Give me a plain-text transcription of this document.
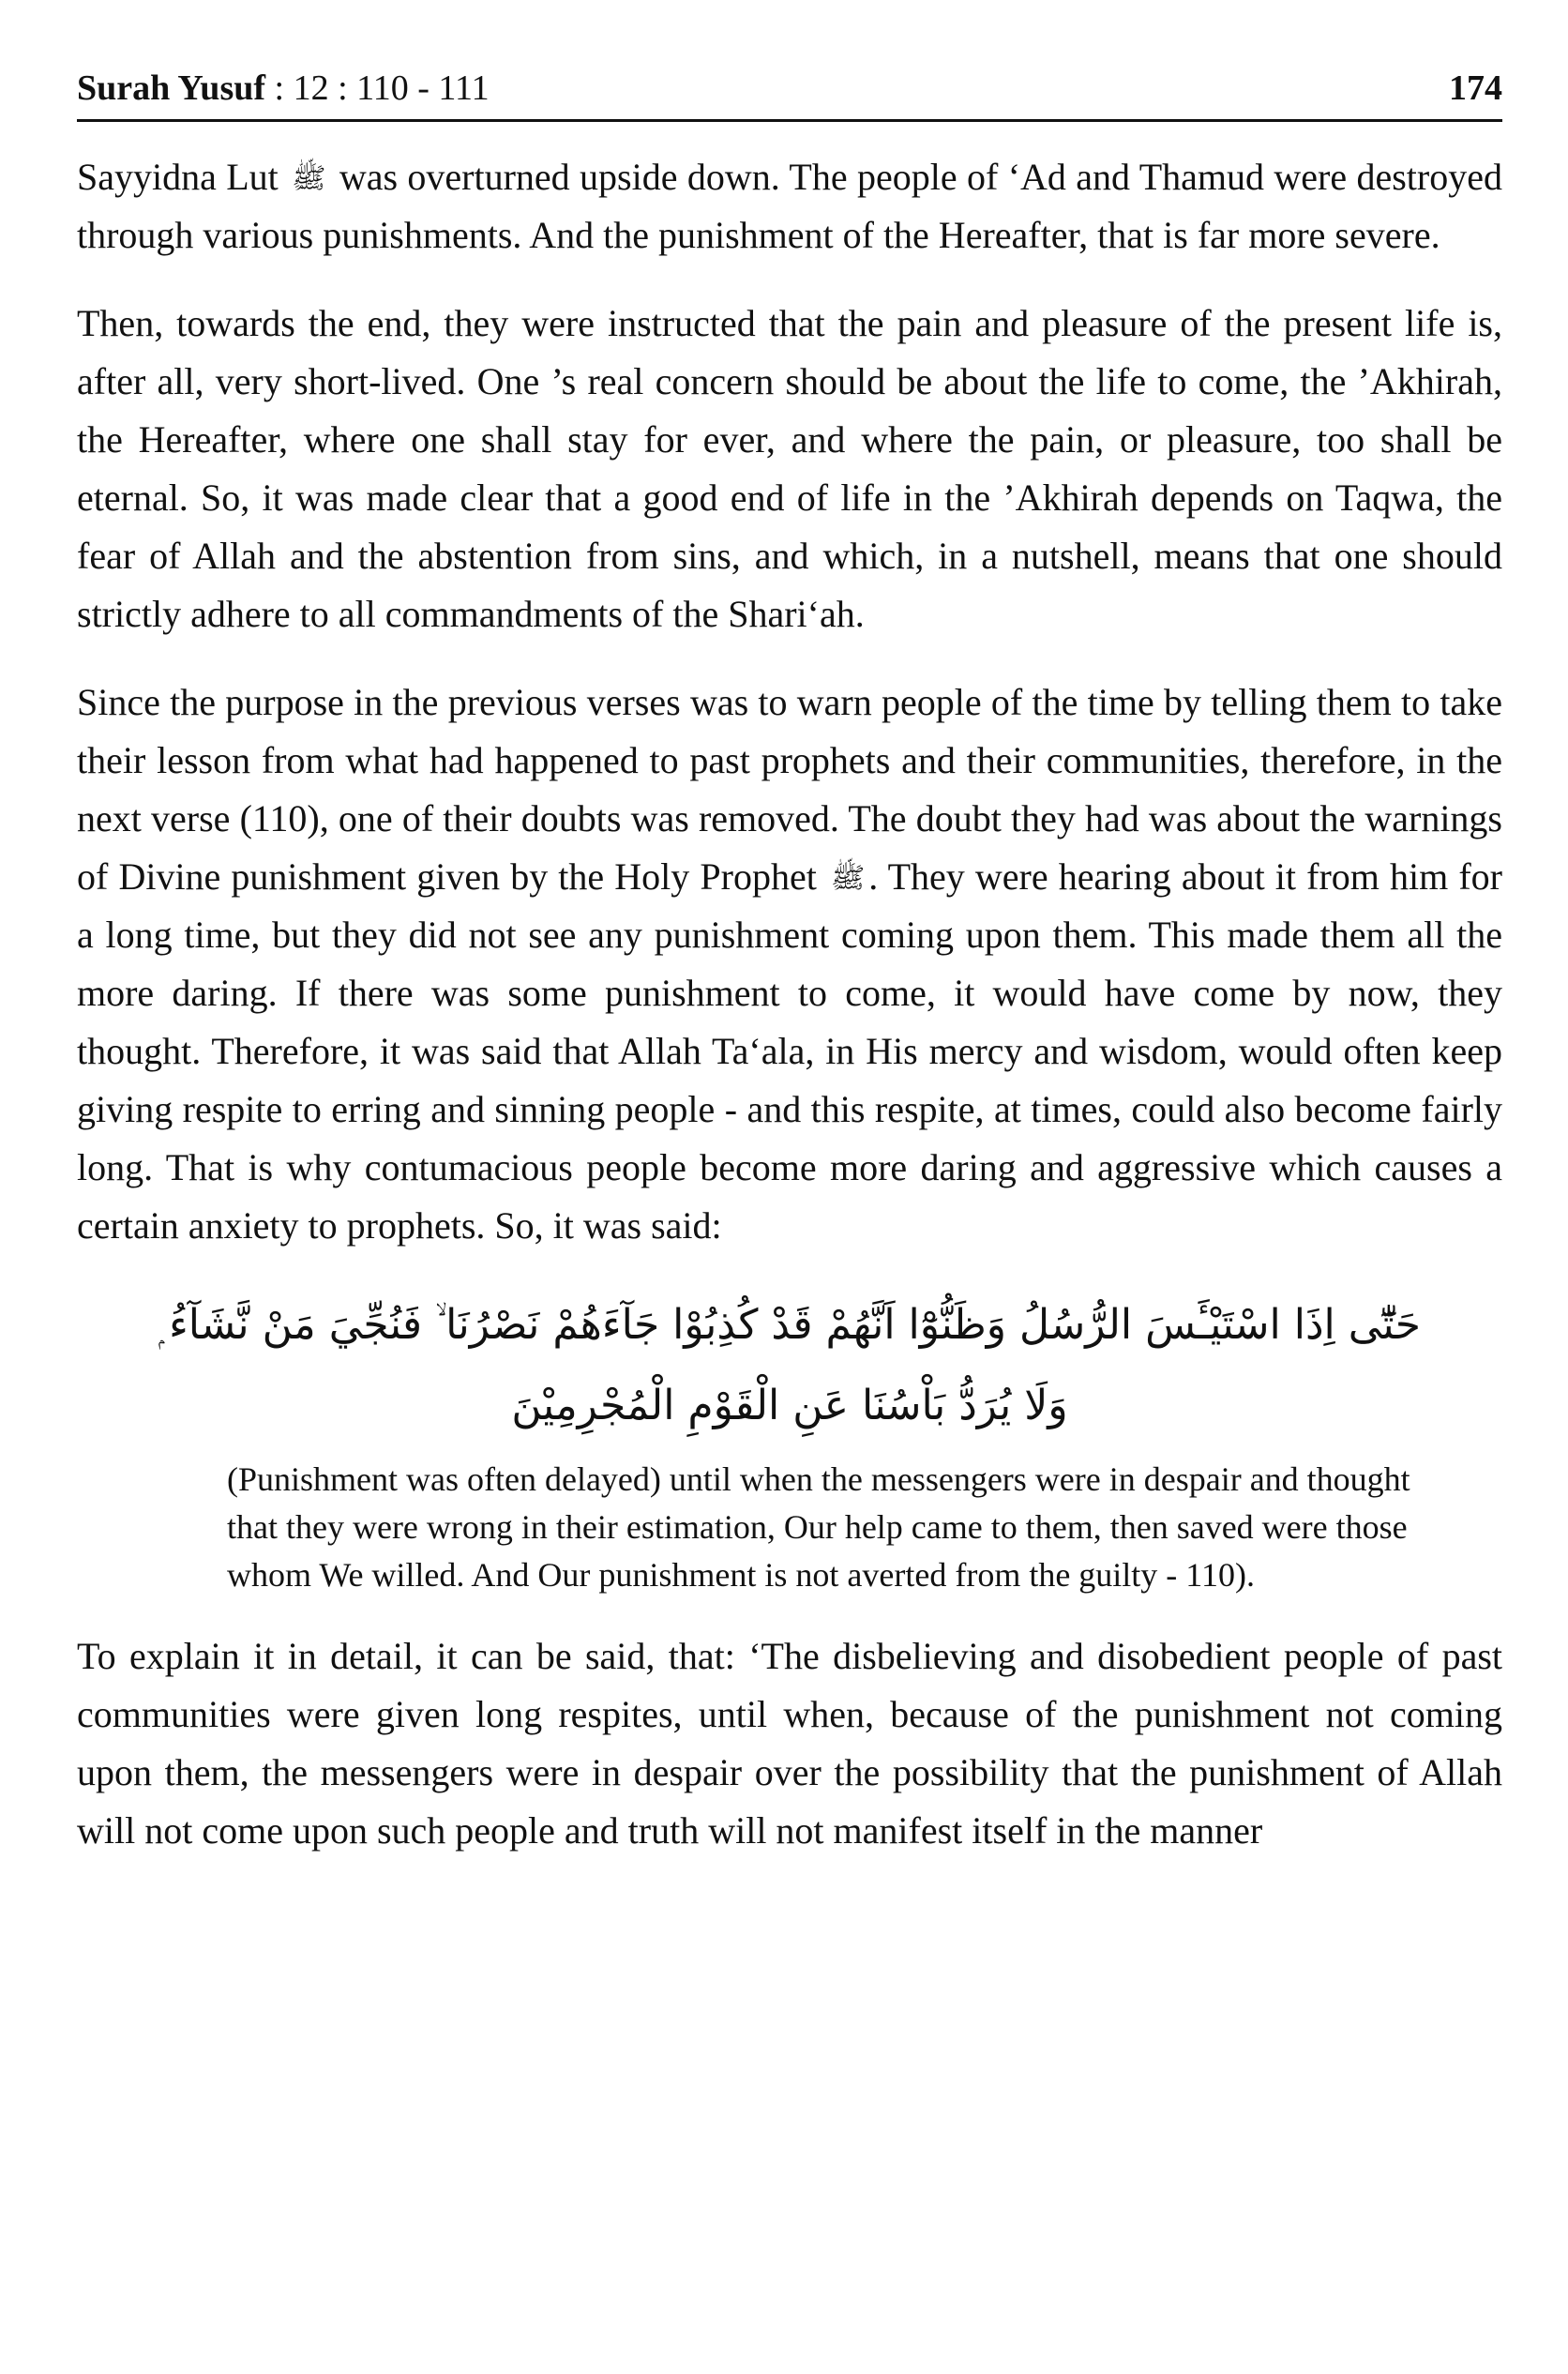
Surah Yusuf : 12 : 110 - 111	174

Sayyidna Lut ﷺ was overturned upside down. The people of ‘Ad and Thamud were destroyed through various punishments. And the punishment of the Hereafter, that is far more severe.

Then, towards the end, they were instructed that the pain and pleasure of the present life is, after all, very short-lived. One ’s real concern should be about the life to come, the ’Akhirah, the Hereafter, where one shall stay for ever, and where the pain, or pleasure, too shall be eternal. So, it was made clear that a good end of life in the ’Akhirah depends on Taqwa, the fear of Allah and the abstention from sins, and which, in a nutshell, means that one should strictly adhere to all commandments of the Shari‘ah.

Since the purpose in the previous verses was to warn people of the time by telling them to take their lesson from what had happened to past prophets and their communities, therefore, in the next verse (110), one of their doubts was removed. The doubt they had was about the warnings of Divine punishment given by the Holy Prophet ﷺ . They were hearing about it from him for a long time, but they did not see any punishment coming upon them. This made them all the more daring. If there was some punishment to come, it would have come by now, they thought. Therefore, it was said that Allah Ta‘ala, in His mercy and wisdom, would often keep giving respite to erring and sinning people - and this respite, at times, could also become fairly long. That is why contumacious people become more daring and aggressive which causes a certain anxiety to prophets. So, it was said:

حَتّٰٓى اِذَا اسْتَيْـَٔسَ الرُّسُلُ وَظَنُّوْٓا اَنَّهُمْ قَدْ كُذِبُوْا جَآءَهُمْ نَصْرُنَا ۙ فَنُجِّيَ مَنْ نَّشَآءُ ۭ وَلَا يُرَدُّ بَاْسُنَا عَنِ الْقَوْمِ الْمُجْرِمِيْنَ
(Punishment was often delayed) until when the messengers were in despair and thought that they were wrong in their estimation, Our help came to them, then saved were those whom We willed. And Our punishment is not averted from the guilty - 110).

To explain it in detail, it can be said, that: ‘The disbelieving and disobedient people of past communities were given long respites, until when, because of the punishment not coming upon them, the messengers were in despair over the possibility that the punishment of Allah will not come upon such people and truth will not manifest itself in the manner
